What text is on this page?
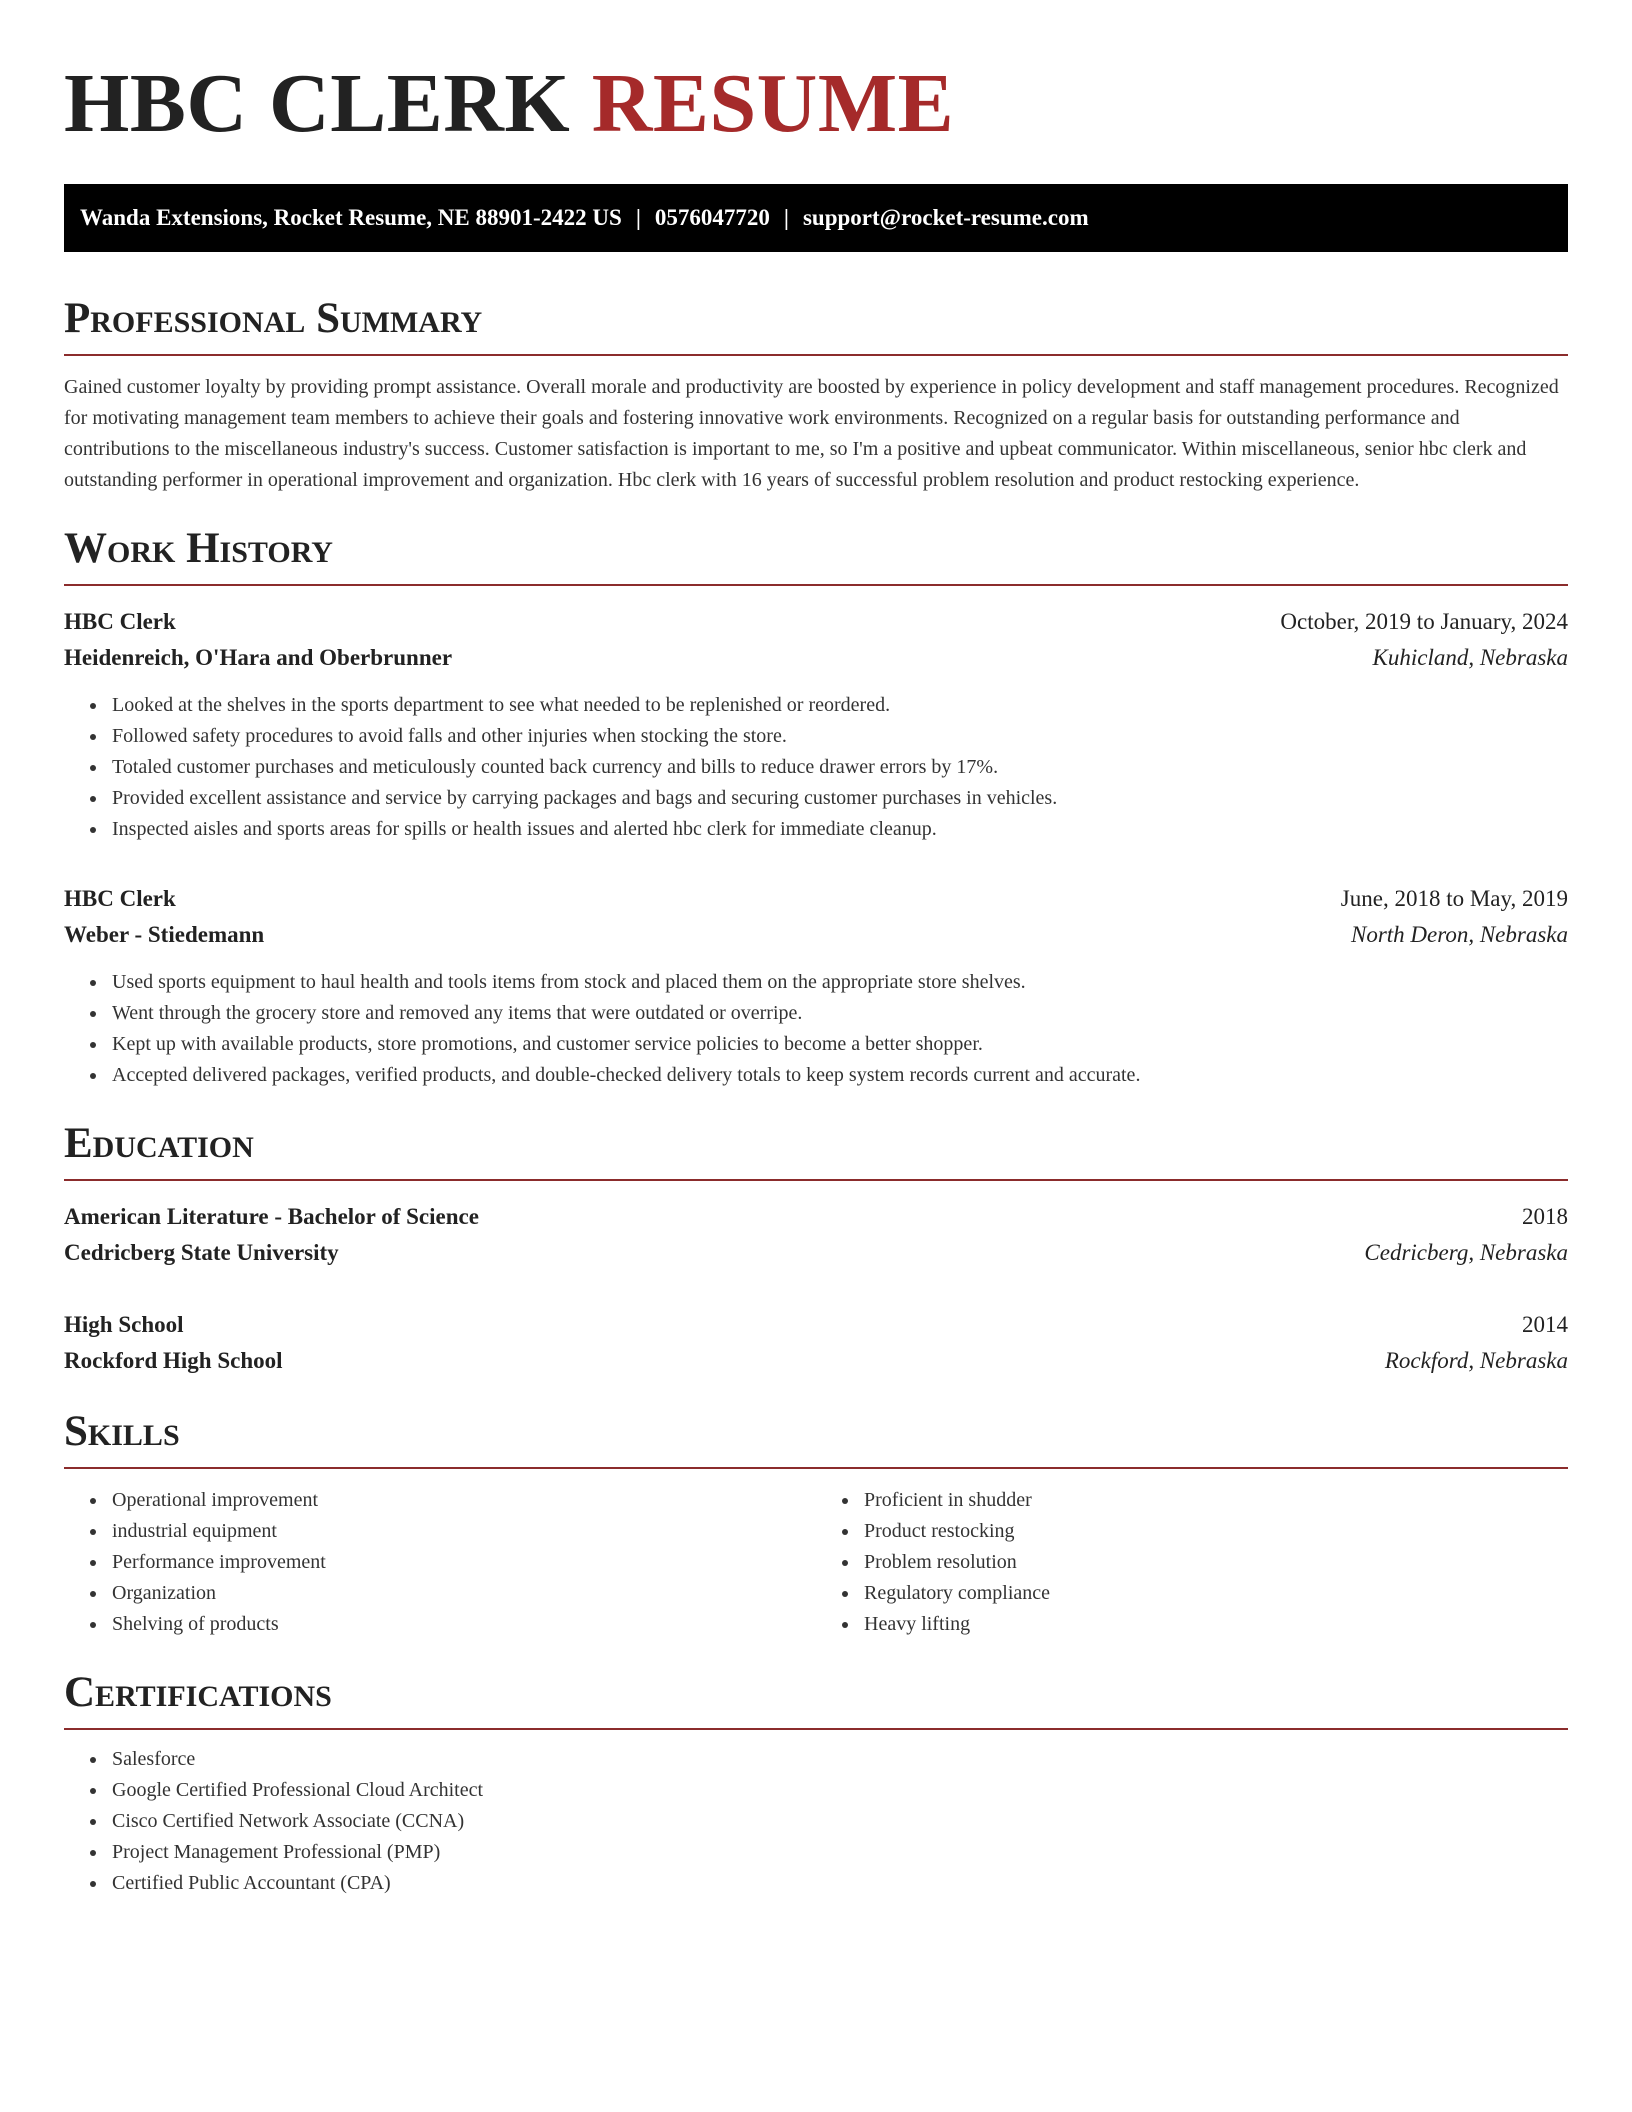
HBC CLERK RESUME
Wanda Extensions, Rocket Resume, NE 88901-2422 US | 0576047720 | support@rocket-resume.com
Professional Summary

Gained customer loyalty by providing prompt assistance. Overall morale and productivity are boosted by experience in policy development and staff management procedures. Recognized for motivating management team members to achieve their goals and fostering innovative work environments. Recognized on a regular basis for outstanding performance and contributions to the miscellaneous industry's success. Customer satisfaction is important to me, so I'm a positive and upbeat communicator. Within miscellaneous, senior hbc clerk and outstanding performer in operational improvement and organization. Hbc clerk with 16 years of successful problem resolution and product restocking experience.

Work History
HBC Clerk	October, 2019 to January, 2024
Heidenreich, O'Hara and Oberbrunner	Kuhicland, Nebraska
• Looked at the shelves in the sports department to see what needed to be replenished or reordered.
• Followed safety procedures to avoid falls and other injuries when stocking the store.
• Totaled customer purchases and meticulously counted back currency and bills to reduce drawer errors by 17%.
• Provided excellent assistance and service by carrying packages and bags and securing customer purchases in vehicles.
• Inspected aisles and sports areas for spills or health issues and alerted hbc clerk for immediate cleanup.
HBC Clerk	June, 2018 to May, 2019
Weber - Stiedemann	North Deron, Nebraska
• Used sports equipment to haul health and tools items from stock and placed them on the appropriate store shelves.
• Went through the grocery store and removed any items that were outdated or overripe.
• Kept up with available products, store promotions, and customer service policies to become a better shopper.
• Accepted delivered packages, verified products, and double-checked delivery totals to keep system records current and accurate.
Education
American Literature - Bachelor of Science	2018
Cedricberg State University	Cedricberg, Nebraska
High School	2014
Rockford High School	Rockford, Nebraska
Skills
• Operational improvement
• industrial equipment
• Performance improvement
• Organization
• Shelving of products
• Proficient in shudder
• Product restocking
• Problem resolution
• Regulatory compliance
• Heavy lifting
Certifications
• Salesforce
• Google Certified Professional Cloud Architect
• Cisco Certified Network Associate (CCNA)
• Project Management Professional (PMP)
• Certified Public Accountant (CPA)
